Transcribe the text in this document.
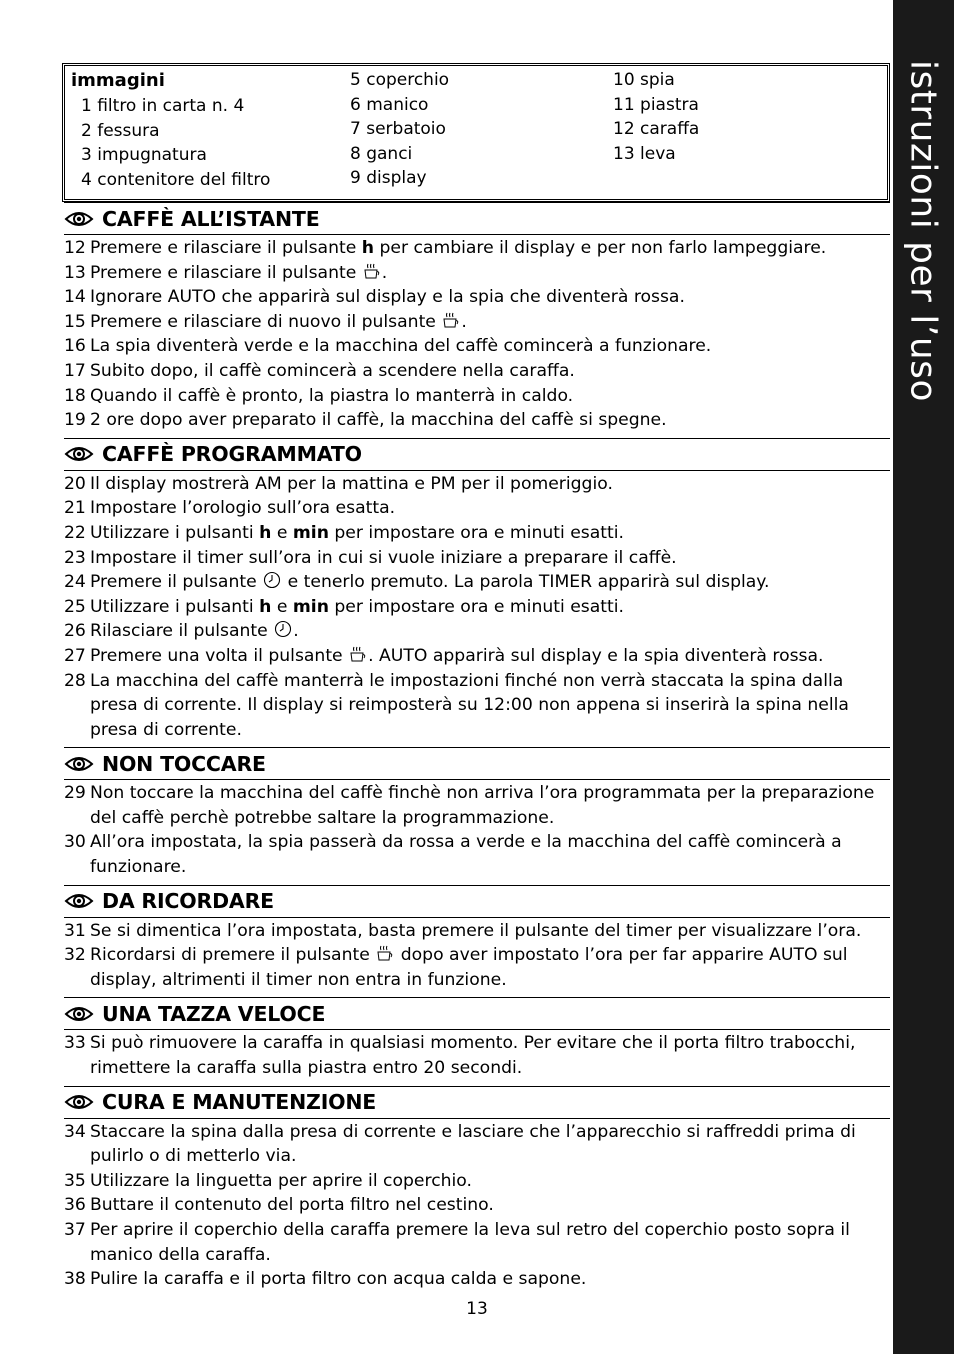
istruzioni per l’uso
immagini
1 filtro in carta n. 4
2 fessura
3 impugnatura
4 contenitore del filtro
5 coperchio
6 manico
7 serbatoio
8 ganci
9 display
10 spia
11 piastra
12 caraffa
13 leva
CAFFÈ ALL’ISTANTE
12 Premere e rilasciare il pulsante h per cambiare il display e per non farlo lampeggiare.
13 Premere e rilasciare il pulsante .
14 Ignorare AUTO che apparirà sul display e la spia che diventerà rossa.
15 Premere e rilasciare di nuovo il pulsante .
16 La spia diventerà verde e la macchina del caffè comincerà a funzionare.
17 Subito dopo, il caffè comincerà a scendere nella caraffa.
18 Quando il caffè è pronto, la piastra lo manterrà in caldo.
19 2 ore dopo aver preparato il caffè, la macchina del caffè si spegne.
CAFFÈ PROGRAMMATO
20 Il display mostrerà AM per la mattina e PM per il pomeriggio.
21 Impostare l’orologio sull’ora esatta.
22 Utilizzare i pulsanti h e min per impostare ora e minuti esatti.
23 Impostare il timer sull’ora in cui si vuole iniziare a preparare il caffè.
24 Premere il pulsante  e tenerlo premuto. La parola TIMER apparirà sul display.
25 Utilizzare i pulsanti h e min per impostare ora e minuti esatti.
26 Rilasciare il pulsante .
27 Premere una volta il pulsante . AUTO apparirà sul display e la spia diventerà rossa.
28 La macchina del caffè manterrà le impostazioni finché non verrà staccata la spina dalla presa di corrente. Il display si reimposterà su 12:00 non appena si inserirà la spina nella presa di corrente.
NON TOCCARE
29 Non toccare la macchina del caffè finchè non arriva l’ora programmata per la preparazione del caffè perchè potrebbe saltare la programmazione.
30 All’ora impostata, la spia passerà da rossa a verde e la macchina del caffè comincerà a funzionare.
DA RICORDARE
31 Se si dimentica l’ora impostata, basta premere il pulsante del timer per visualizzare l’ora.
32 Ricordarsi di premere il pulsante  dopo aver impostato l’ora per far apparire AUTO sul display, altrimenti il timer non entra in funzione.
UNA TAZZA VELOCE
33 Si può rimuovere la caraffa in qualsiasi momento. Per evitare che il porta filtro trabocchi, rimettere la caraffa sulla piastra entro 20 secondi.
CURA E MANUTENZIONE
34 Staccare la spina dalla presa di corrente e lasciare che l’apparecchio si raffreddi prima di pulirlo o di metterlo via.
35 Utilizzare la linguetta per aprire il coperchio.
36 Buttare il contenuto del porta filtro nel cestino.
37 Per aprire il coperchio della caraffa premere la leva sul retro del coperchio posto sopra il manico della caraffa.
38 Pulire la caraffa e il porta filtro con acqua calda e sapone.
13
